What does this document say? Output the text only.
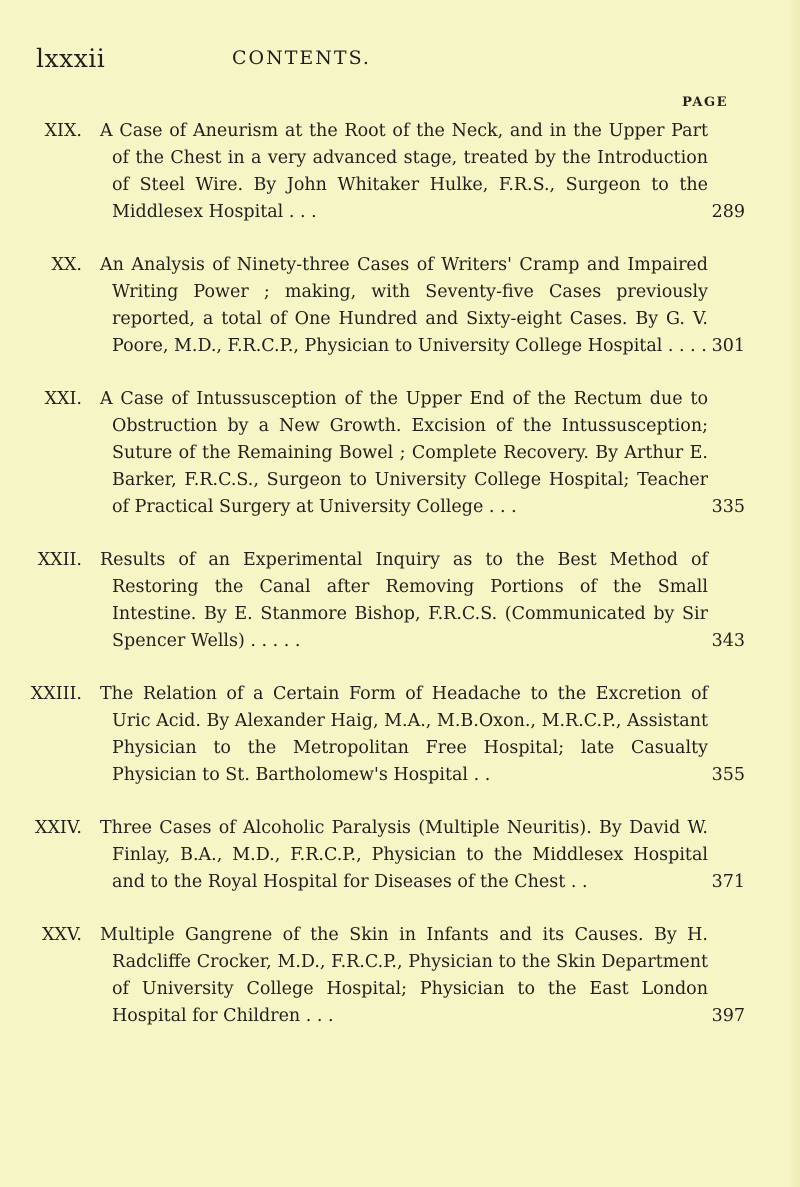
lxxxii	CONTENTS.
PAGE
XIX. A Case of Aneurism at the Root of the Neck, and in the Upper Part of the Chest in a very advanced stage, treated by the Introduction of Steel Wire. By John Whitaker Hulke, F.R.S., Surgeon to the Middlesex Hospital . . .	289
XX. An Analysis of Ninety-three Cases of Writers' Cramp and Impaired Writing Power ; making, with Seventy-five Cases previously reported, a total of One Hundred and Sixty-eight Cases. By G. V. Poore, M.D., F.R.C.P., Physician to University College Hospital . . . . 301
XXI. A Case of Intussusception of the Upper End of the Rectum due to Obstruction by a New Growth. Excision of the Intussusception; Suture of the Remaining Bowel ; Complete Recovery. By Arthur E. Barker, F.R.C.S., Surgeon to University College Hospital; Teacher of Practical Surgery at University College . . .	335
XXII. Results of an Experimental Inquiry as to the Best Method of Restoring the Canal after Removing Portions of the Small Intestine. By E. Stanmore Bishop, F.R.C.S. (Communicated by Sir Spencer Wells) . . . . .	343
XXIII. The Relation of a Certain Form of Headache to the Excretion of Uric Acid. By Alexander Haig, M.A., M.B.Oxon., M.R.C.P., Assistant Physician to the Metropolitan Free Hospital; late Casualty Physician to St. Bartholomew's Hospital . .	355
XXIV. Three Cases of Alcoholic Paralysis (Multiple Neuritis). By David W. Finlay, B.A., M.D., F.R.C.P., Physician to the Middlesex Hospital and to the Royal Hospital for Diseases of the Chest . .	371
XXV. Multiple Gangrene of the Skin in Infants and its Causes. By H. Radcliffe Crocker, M.D., F.R.C.P., Physician to the Skin Department of University College Hospital; Physician to the East London Hospital for Children . . .	397
